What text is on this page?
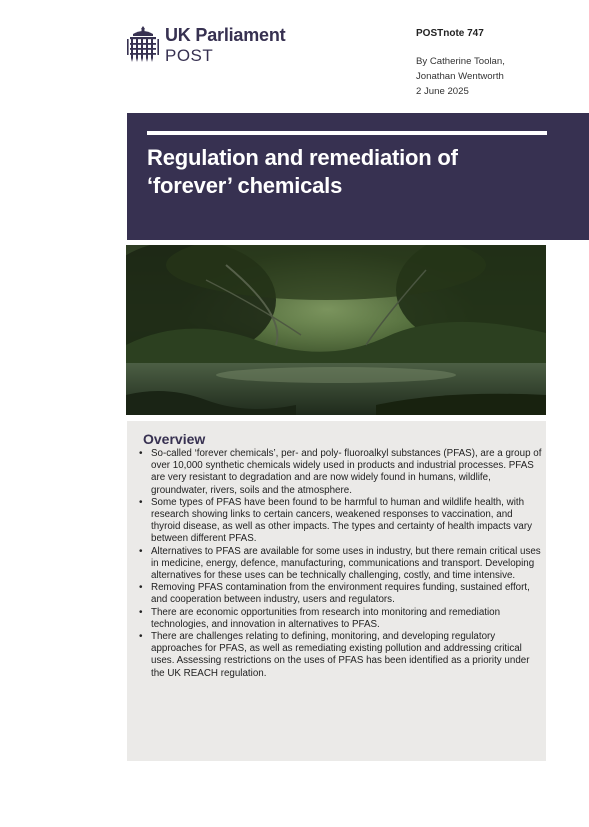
UK Parliament
POST
POSTnote 747
By Catherine Toolan,
Jonathan Wentworth
2 June 2025
Regulation and remediation of
‘forever’ chemicals
Overview
• So-called ‘forever chemicals’, per- and poly- fluoroalkyl substances (PFAS), are a group of over 10,000 synthetic chemicals widely used in products and industrial processes. PFAS are very resistant to degradation and are now widely found in humans, wildlife, groundwater, rivers, soils and the atmosphere.
• Some types of PFAS have been found to be harmful to human and wildlife health, with research showing links to certain cancers, weakened responses to vaccination, and thyroid disease, as well as other impacts. The types and certainty of health impacts vary between different PFAS.
• Alternatives to PFAS are available for some uses in industry, but there remain critical uses in medicine, energy, defence, manufacturing, communications and transport. Developing alternatives for these uses can be technically challenging, costly, and time intensive.
• Removing PFAS contamination from the environment requires funding, sustained effort, and cooperation between industry, users and regulators.
• There are economic opportunities from research into monitoring and remediation technologies, and innovation in alternatives to PFAS.
• There are challenges relating to defining, monitoring, and developing regulatory approaches for PFAS, as well as remediating existing pollution and addressing critical uses. Assessing restrictions on the uses of PFAS has been identified as a priority under the UK REACH regulation.
